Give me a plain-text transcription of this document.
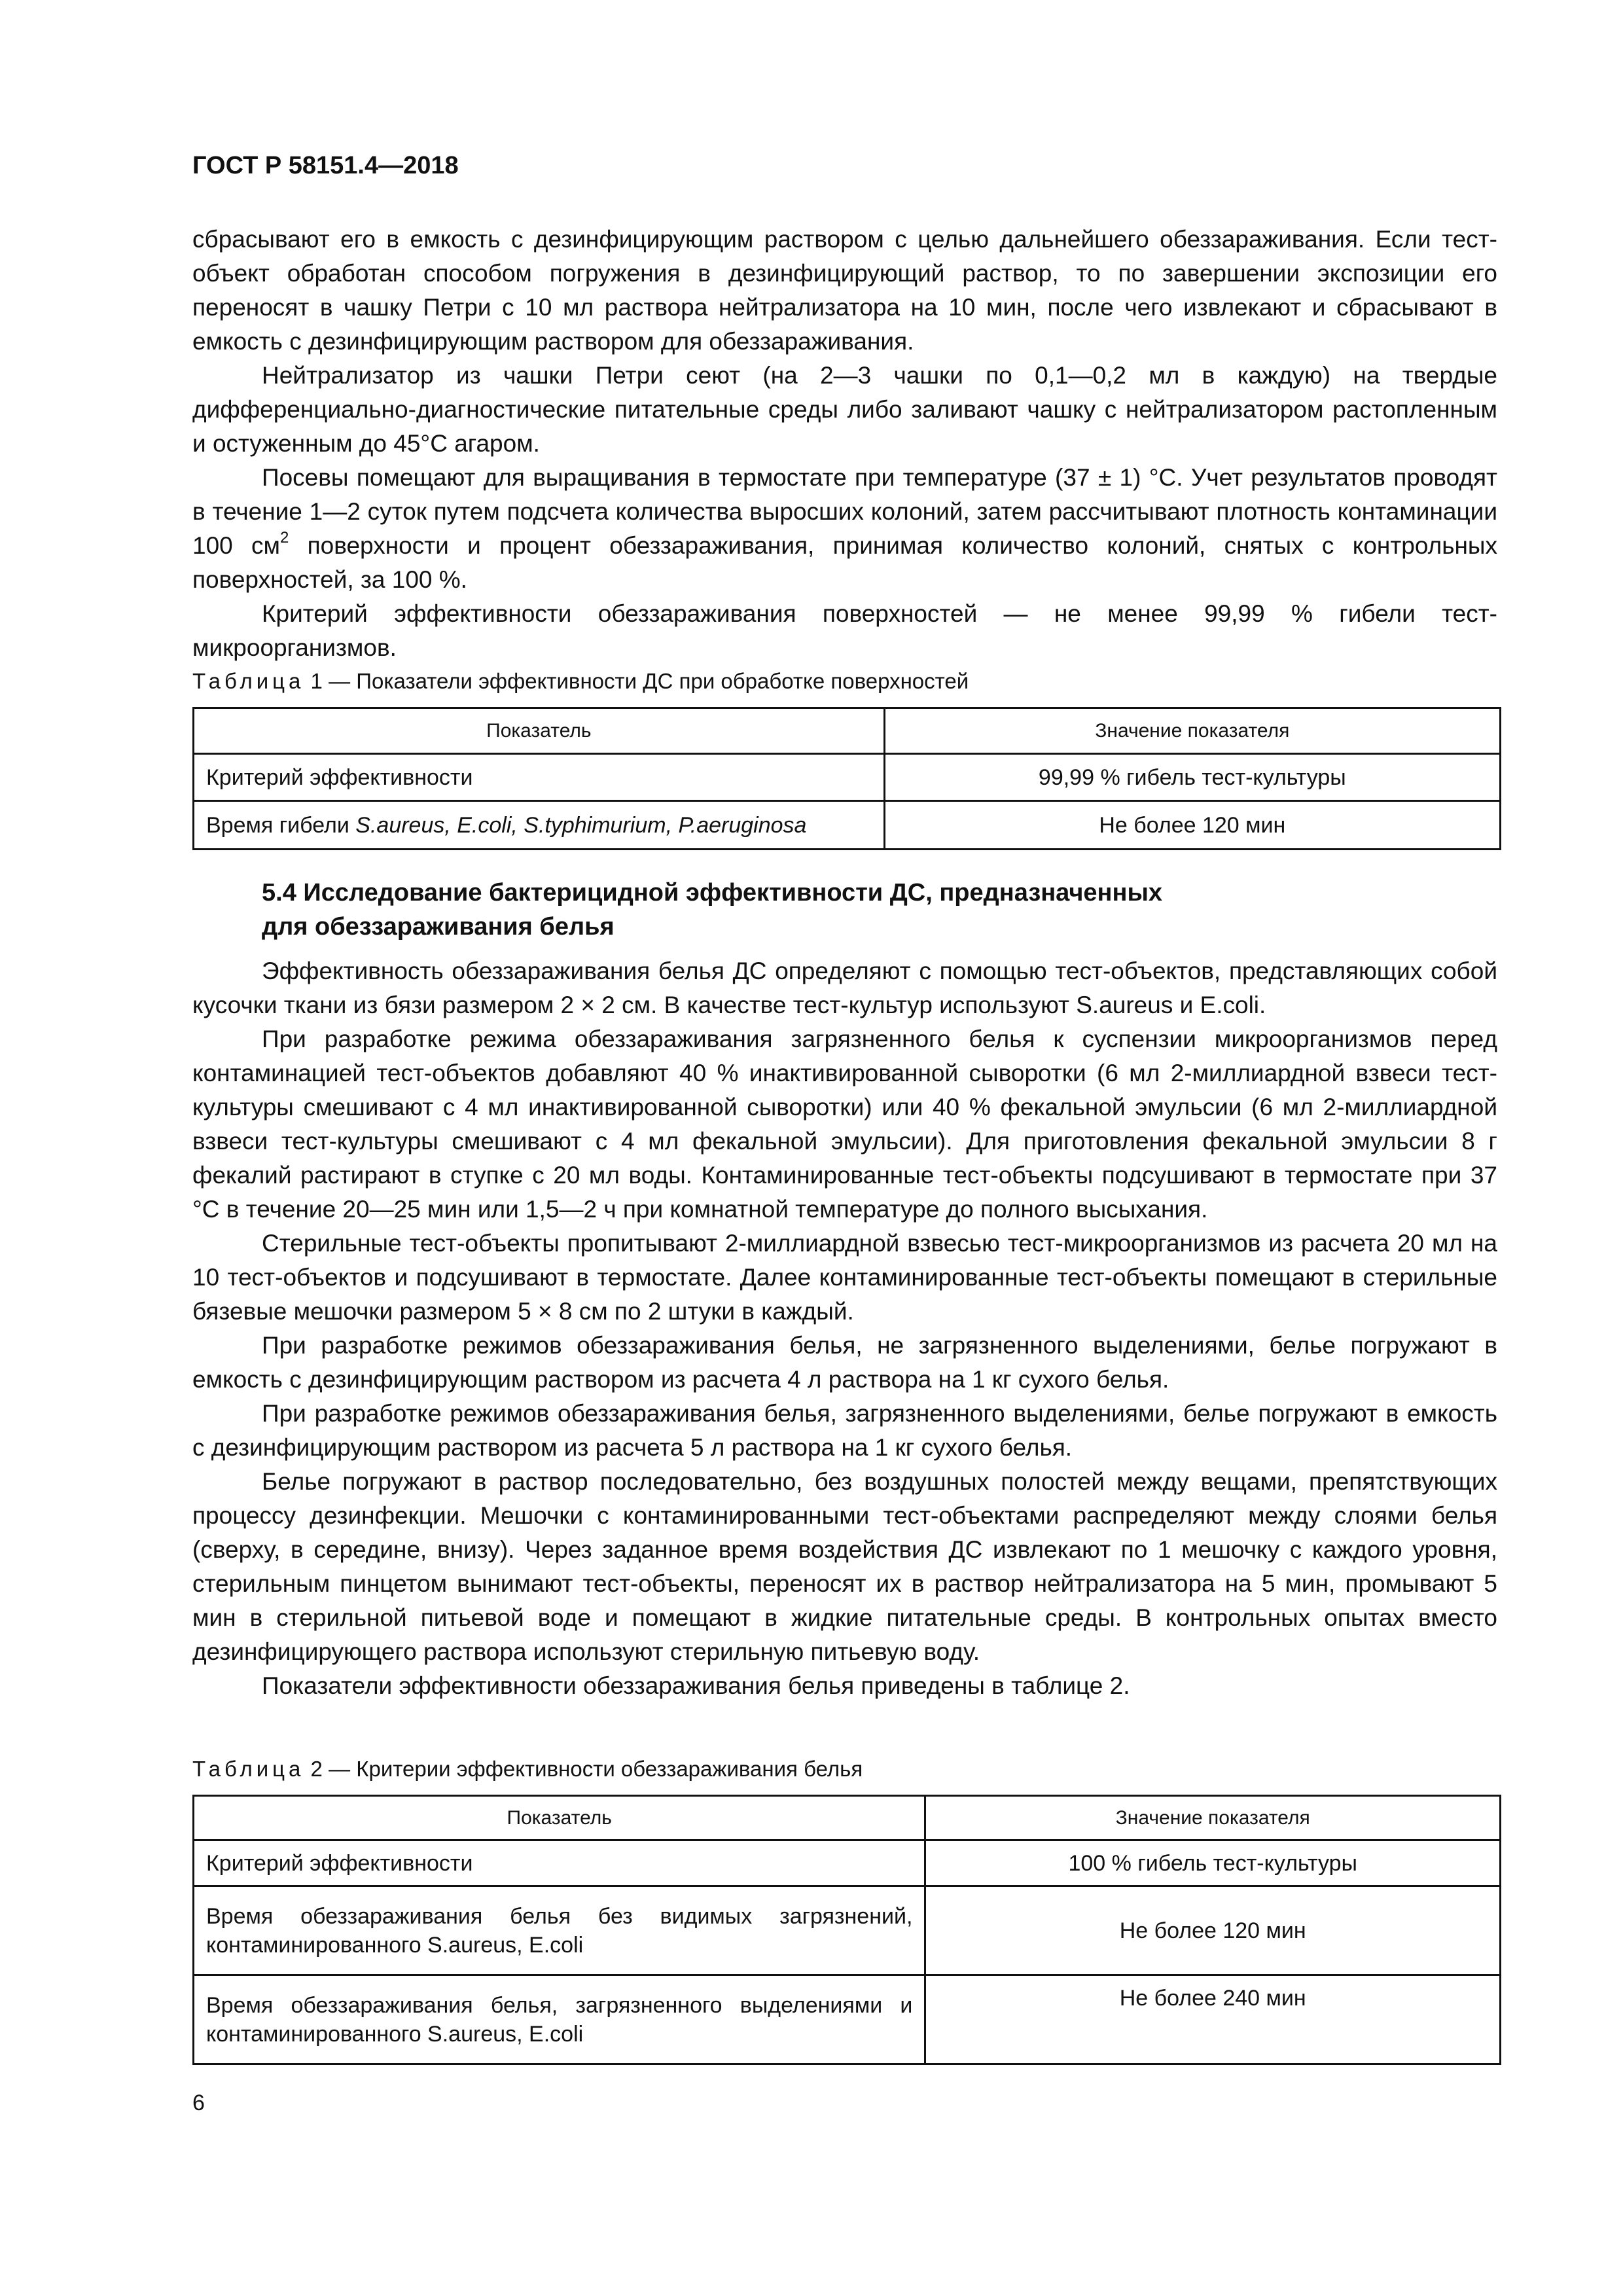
ГОСТ Р 58151.4—2018

сбрасывают его в емкость с дезинфицирующим раствором с целью дальнейшего обеззараживания. Если тест-объект обработан способом погружения в дезинфицирующий раствор, то по завершении экспозиции его переносят в чашку Петри с 10 мл раствора нейтрализатора на 10 мин, после чего извлекают и сбрасывают в емкость с дезинфицирующим раствором для обеззараживания.

Нейтрализатор из чашки Петри сеют (на 2—3 чашки по 0,1—0,2 мл в каждую) на твердые дифференциально-диагностические питательные среды либо заливают чашку с нейтрализатором растопленным и остуженным до 45°С агаром.

Посевы помещают для выращивания в термостате при температуре (37 ± 1) °С. Учет результатов проводят в течение 1—2 суток путем подсчета количества выросших колоний, затем рассчитывают плотность контаминации 100 $см^2$ поверхности и процент обеззараживания, принимая количество колоний, снятых с контрольных поверхностей, за 100 %.

Критерий эффективности обеззараживания поверхностей — не менее 99,99 % гибели тест-микроорганизмов.

Таблица 1 — Показатели эффективности ДС при обработке поверхностей
Показатель	Значение показателя
Критерий эффективности	99,99 % гибель тест-культуры
Время гибели S.aureus, E.coli, S.typhimurium, P.aeruginosa	Не более 120 мин
5.4 Исследование бактерицидной эффективности ДС, предназначенных
для обеззараживания белья

Эффективность обеззараживания белья ДС определяют с помощью тест-объектов, представляющих собой кусочки ткани из бязи размером 2 × 2 см. В качестве тест-культур используют S.aureus и E.coli.

При разработке режима обеззараживания загрязненного белья к суспензии микроорганизмов перед контаминацией тест-объектов добавляют 40 % инактивированной сыворотки (6 мл 2-миллиардной взвеси тест-культуры смешивают с 4 мл инактивированной сыворотки) или 40 % фекальной эмульсии (6 мл 2-миллиардной взвеси тест-культуры смешивают с 4 мл фекальной эмульсии). Для приготовления фекальной эмульсии 8 г фекалий растирают в ступке с 20 мл воды. Контаминированные тест-объекты подсушивают в термостате при 37 °С в течение 20—25 мин или 1,5—2 ч при комнатной температуре до полного высыхания.

Стерильные тест-объекты пропитывают 2-миллиардной взвесью тест-микроорганизмов из расчета 20 мл на 10 тест-объектов и подсушивают в термостате. Далее контаминированные тест-объекты помещают в стерильные бязевые мешочки размером 5 × 8 см по 2 штуки в каждый.

При разработке режимов обеззараживания белья, не загрязненного выделениями, белье погружают в емкость с дезинфицирующим раствором из расчета 4 л раствора на 1 кг сухого белья.

При разработке режимов обеззараживания белья, загрязненного выделениями, белье погружают в емкость с дезинфицирующим раствором из расчета 5 л раствора на 1 кг сухого белья.

Белье погружают в раствор последовательно, без воздушных полостей между вещами, препятствующих процессу дезинфекции. Мешочки с контаминированными тест-объектами распределяют между слоями белья (сверху, в середине, внизу). Через заданное время воздействия ДС извлекают по 1 мешочку с каждого уровня, стерильным пинцетом вынимают тест-объекты, переносят их в раствор нейтрализатора на 5 мин, промывают 5 мин в стерильной питьевой воде и помещают в жидкие питательные среды. В контрольных опытах вместо дезинфицирующего раствора используют стерильную питьевую воду.

Показатели эффективности обеззараживания белья приведены в таблице 2.

Таблица 2 — Критерии эффективности обеззараживания белья
Показатель	Значение показателя
Критерий эффективности	100 % гибель тест-культуры
Время обеззараживания белья без видимых загрязнений, контаминированного S.aureus, E.coli	Не более 120 мин
Время обеззараживания белья, загрязненного выделениями и контаминированного S.aureus, E.coli	Не более 240 мин
6
